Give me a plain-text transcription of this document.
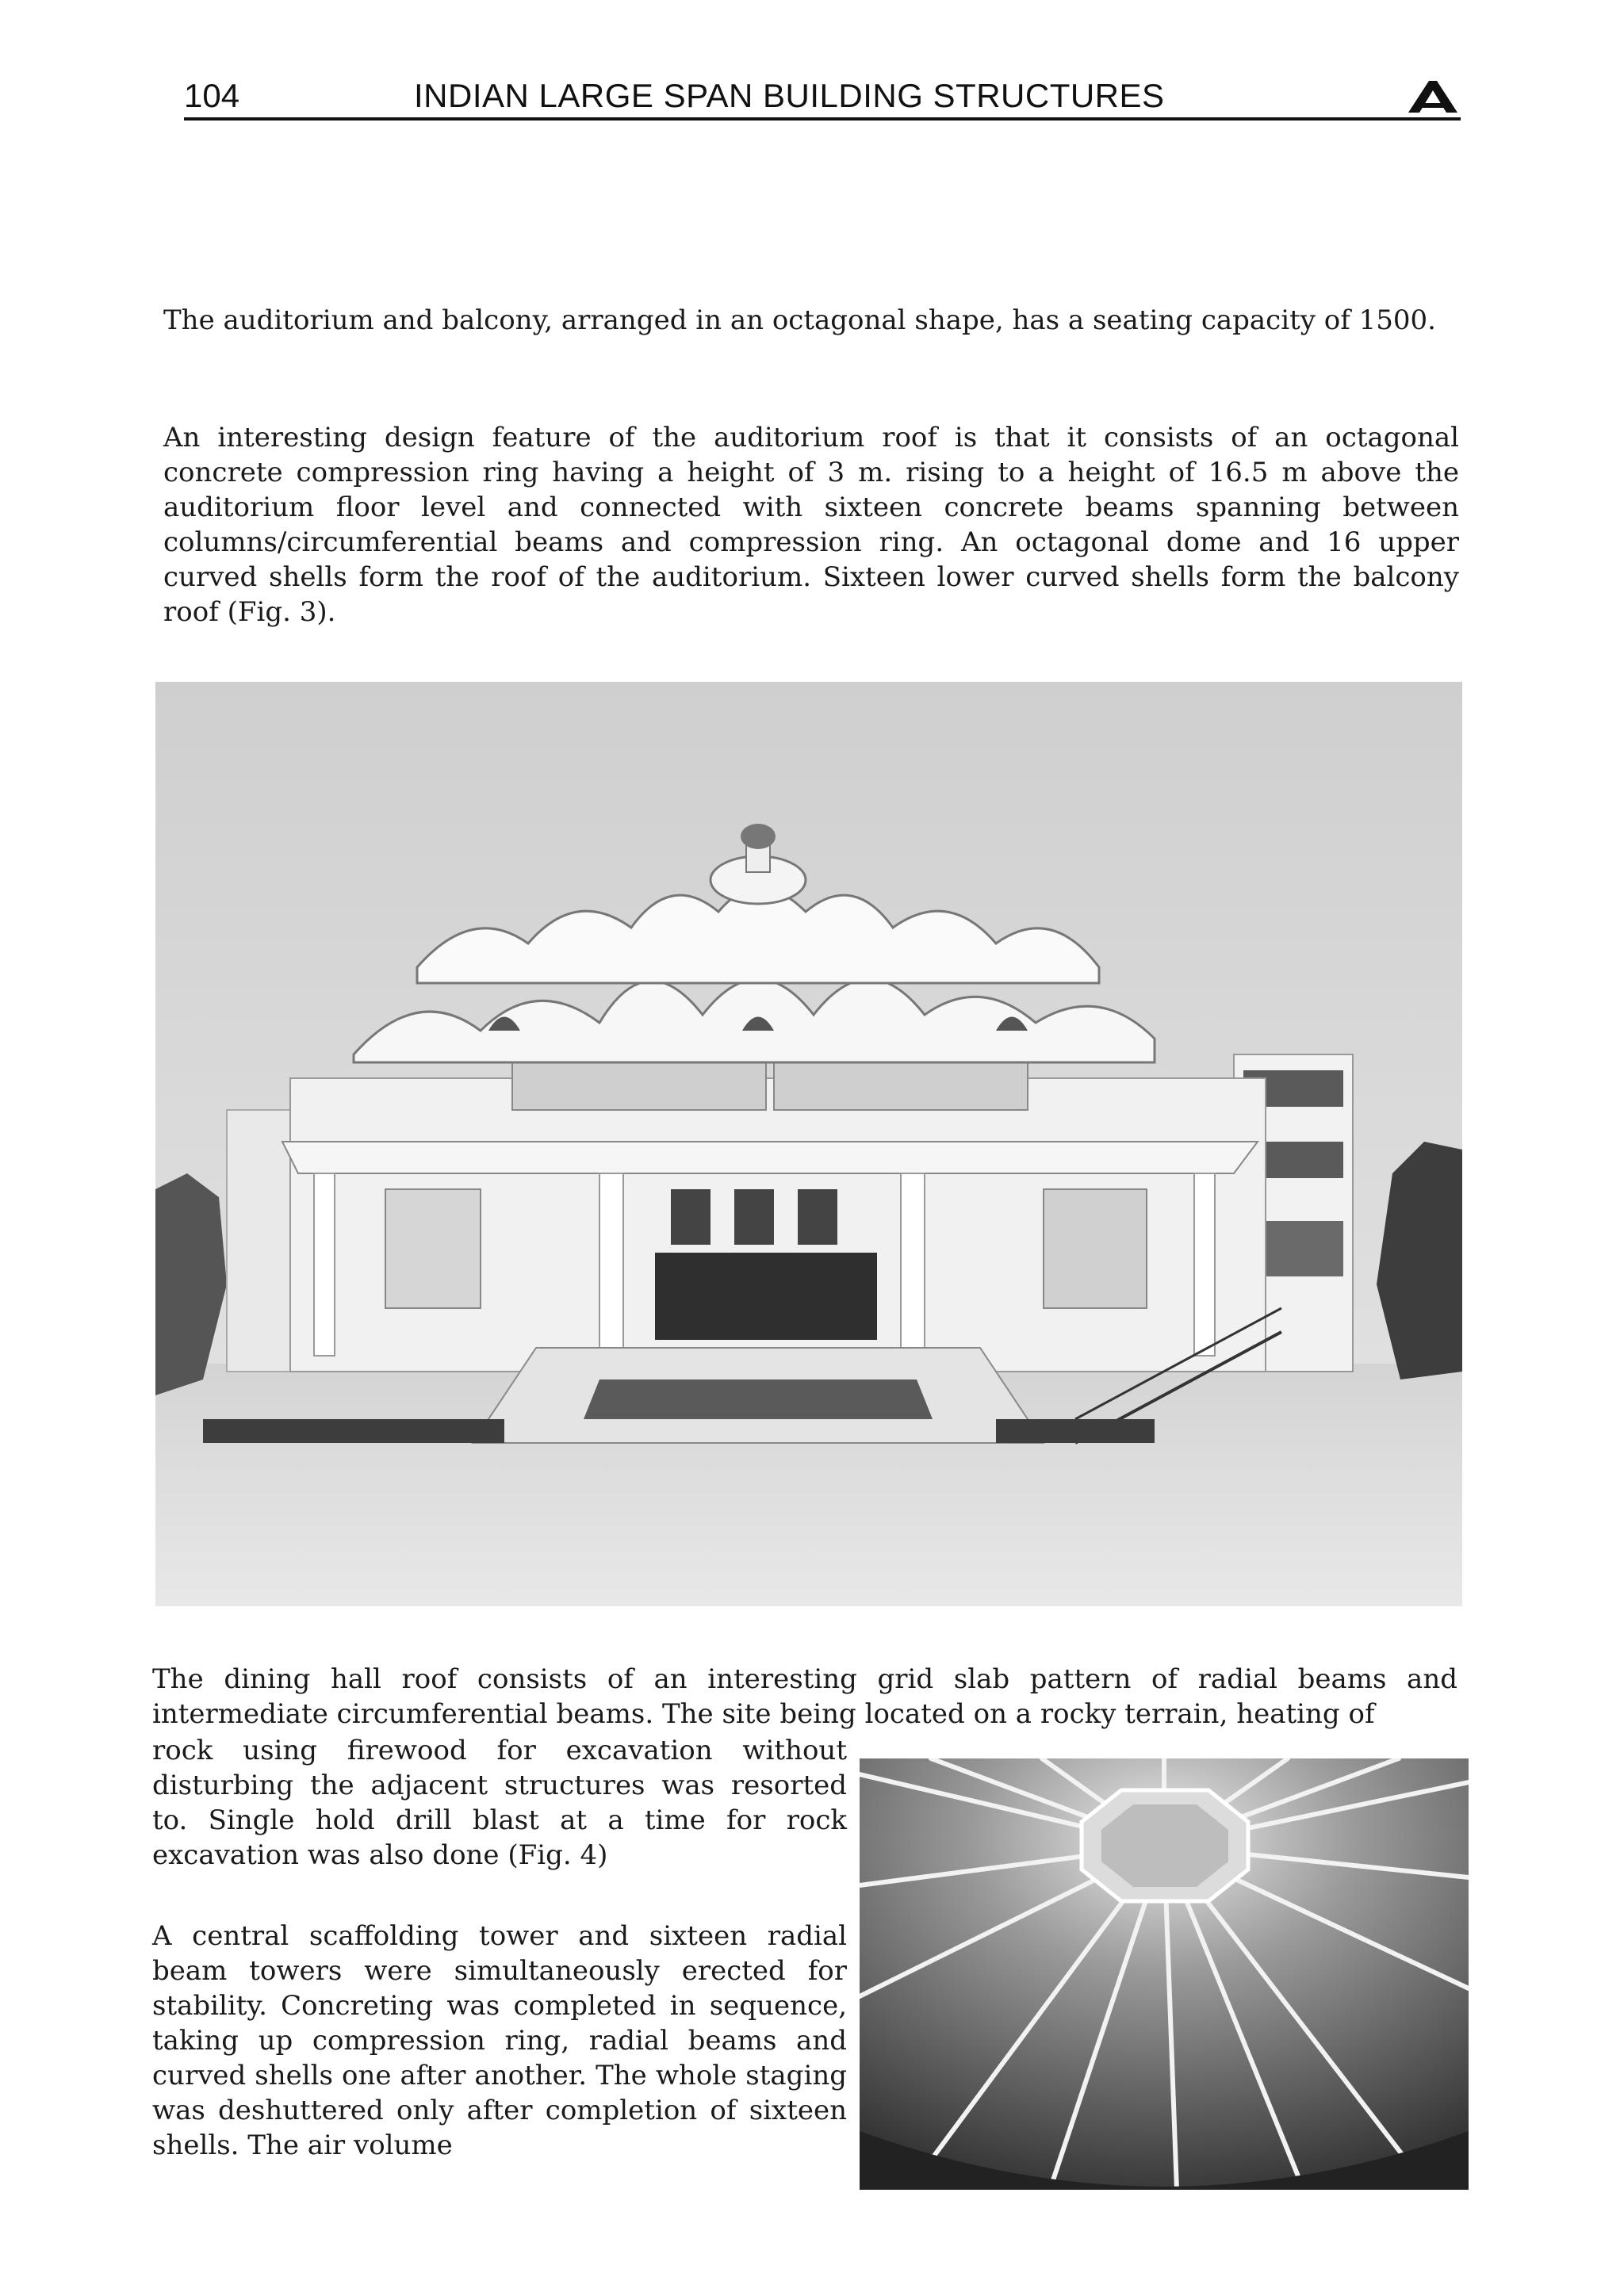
104	INDIAN LARGE SPAN BUILDING STRUCTURES

The auditorium and balcony, arranged in an octagonal shape, has a seating capacity of 1500.

An interesting design feature of the auditorium roof is that it consists of an octagonal concrete compression ring having a height of 3 m. rising to a height of 16.5 m above the auditorium floor level and connected with sixteen concrete beams spanning between columns/circumferential beams and compression ring. An octagonal dome and 16 upper curved shells form the roof of the auditorium. Sixteen lower curved shells form the balcony roof (Fig. 3).

The dining hall roof consists of an interesting grid slab pattern of radial beams and intermediate circumferential beams. The site being located on a rocky terrain, heating of

rock using firewood for excavation without disturbing the adjacent structures was resorted to. Single hold drill blast at a time for rock excavation was also done (Fig. 4)

A central scaffolding tower and sixteen radial beam towers were simultaneously erected for stability. Concreting was completed in sequence, taking up compression ring, radial beams and curved shells one after another. The whole staging was deshuttered only after completion of sixteen shells. The air volume
